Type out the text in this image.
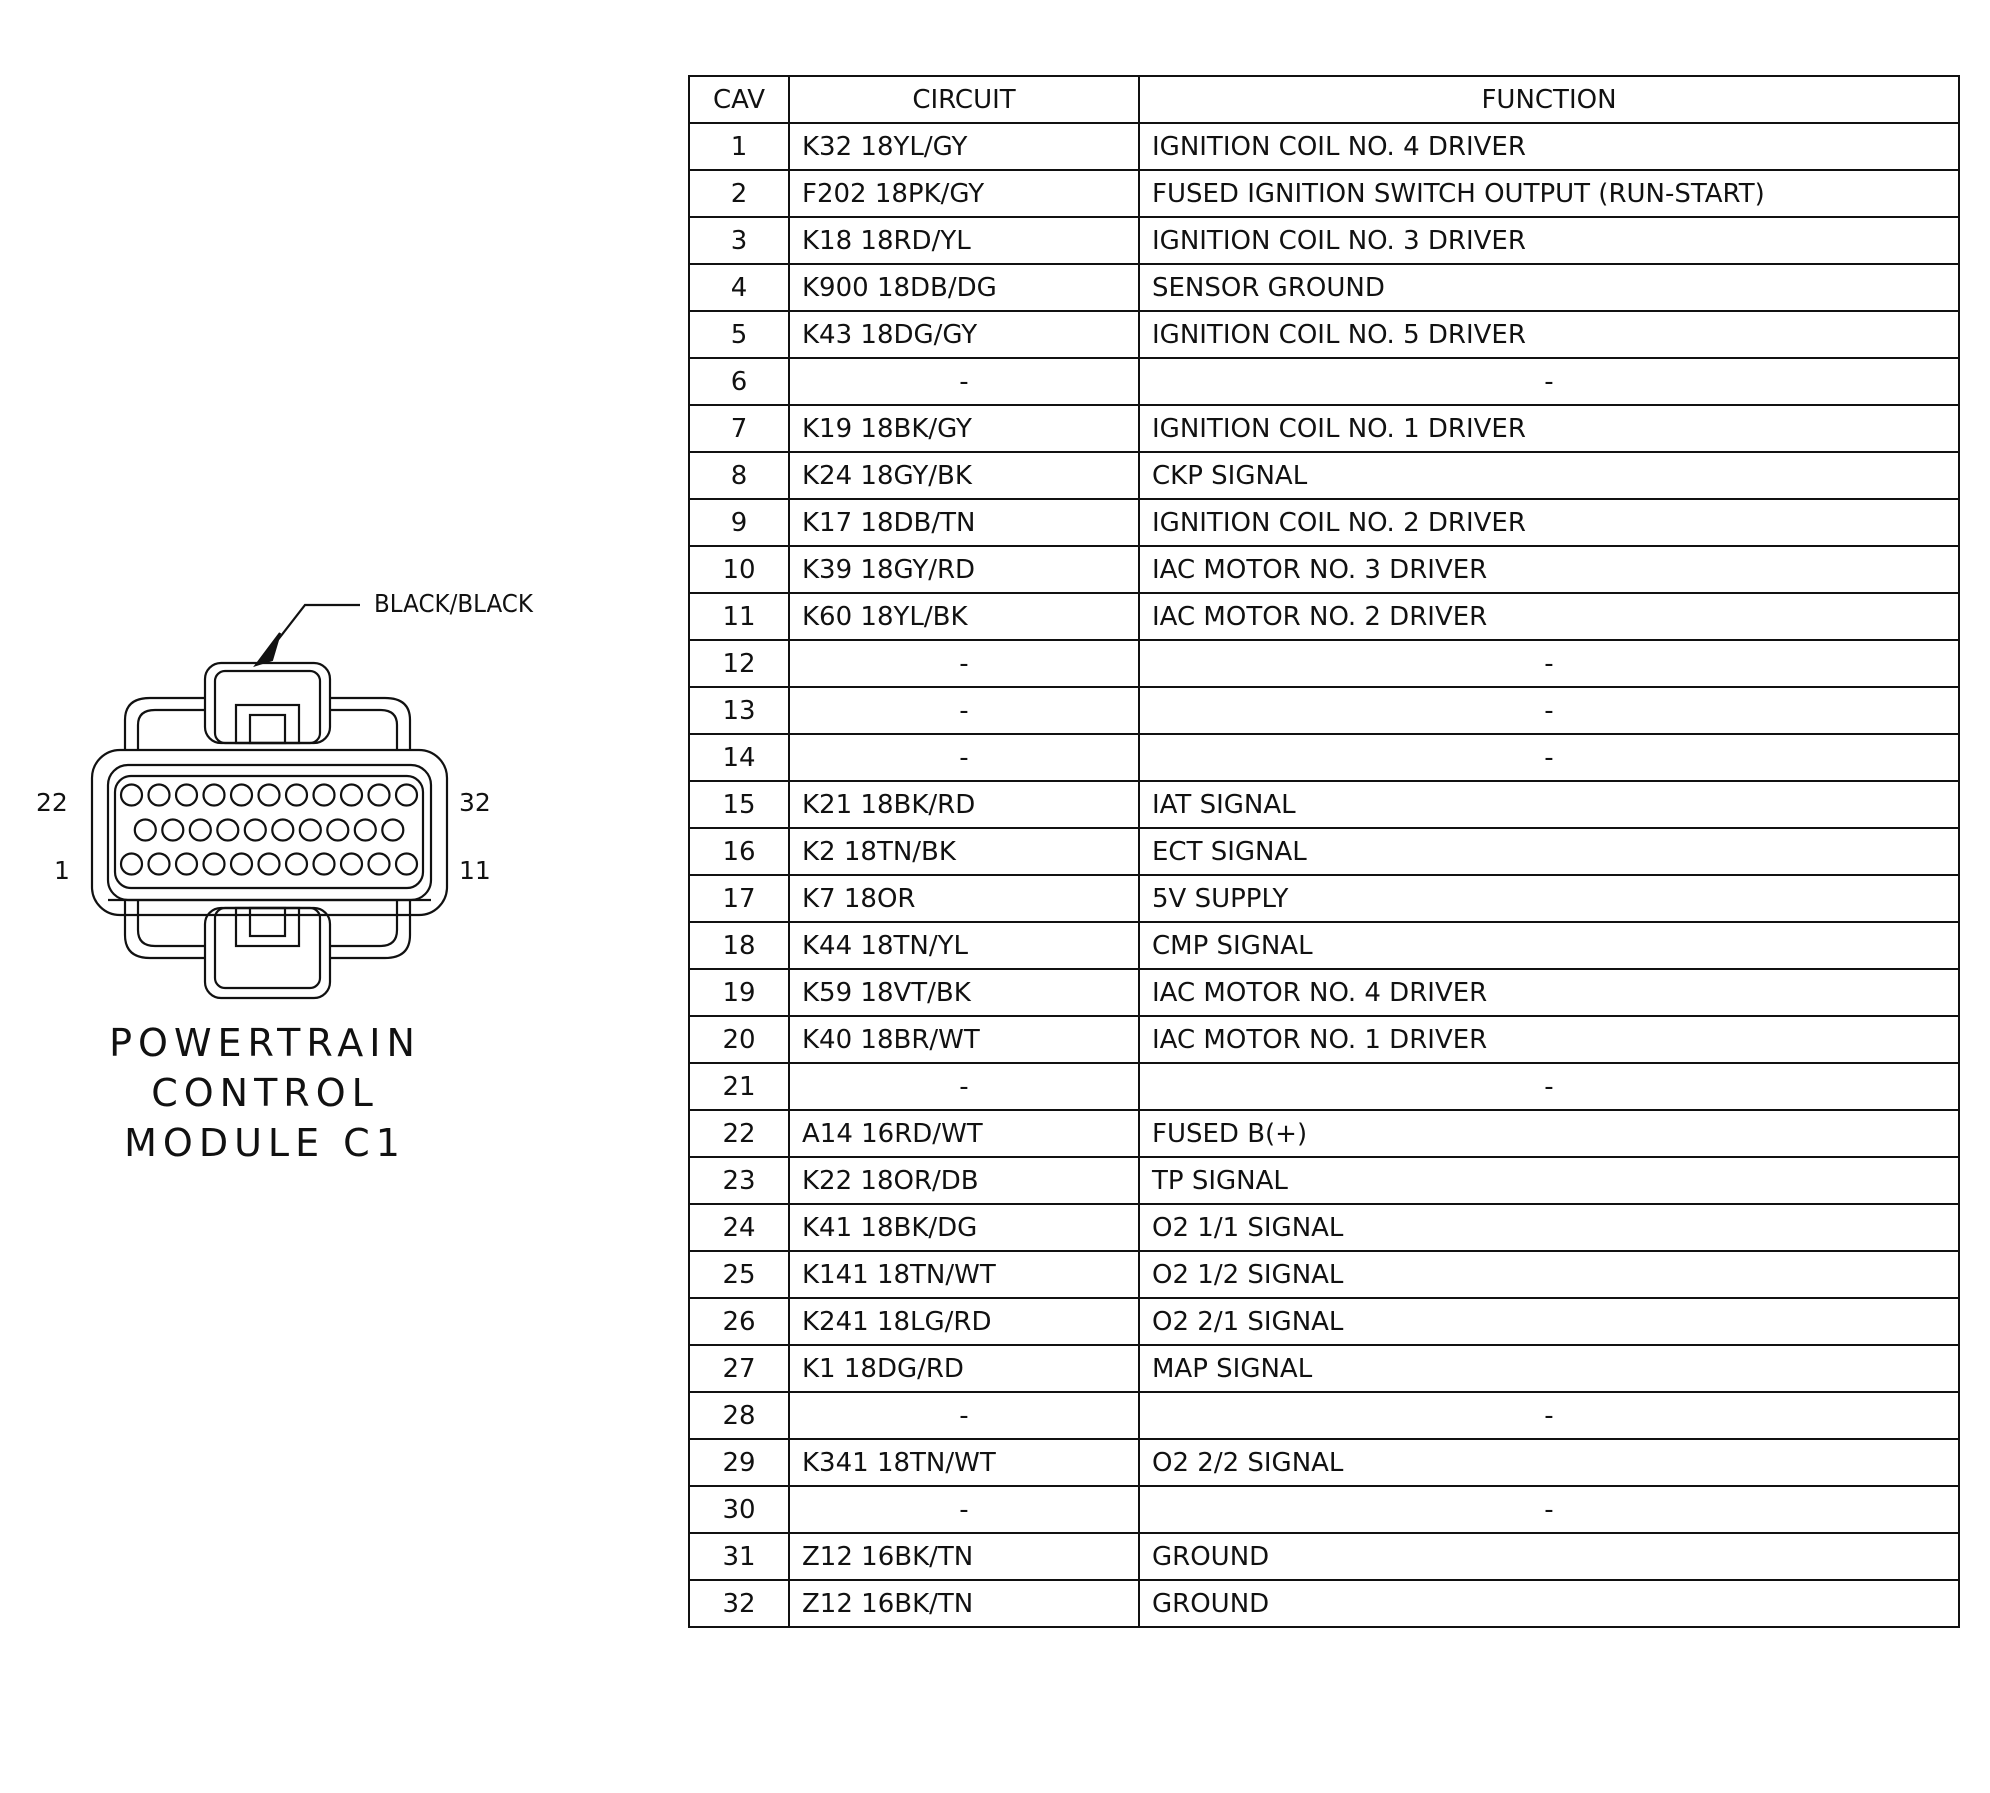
BLACK/BLACK
22
1
32
11
POWERTRAIN
CONTROL
MODULE C1
CAV	CIRCUIT	FUNCTION
1	K32 18YL/GY	IGNITION COIL NO. 4 DRIVER
2	F202 18PK/GY	FUSED IGNITION SWITCH OUTPUT (RUN-START)
3	K18 18RD/YL	IGNITION COIL NO. 3 DRIVER
4	K900 18DB/DG	SENSOR GROUND
5	K43 18DG/GY	IGNITION COIL NO. 5 DRIVER
6	-	-
7	K19 18BK/GY	IGNITION COIL NO. 1 DRIVER
8	K24 18GY/BK	CKP SIGNAL
9	K17 18DB/TN	IGNITION COIL NO. 2 DRIVER
10	K39 18GY/RD	IAC MOTOR NO. 3 DRIVER
11	K60 18YL/BK	IAC MOTOR NO. 2 DRIVER
12	-	-
13	-	-
14	-	-
15	K21 18BK/RD	IAT SIGNAL
16	K2 18TN/BK	ECT SIGNAL
17	K7 18OR	5V SUPPLY
18	K44 18TN/YL	CMP SIGNAL
19	K59 18VT/BK	IAC MOTOR NO. 4 DRIVER
20	K40 18BR/WT	IAC MOTOR NO. 1 DRIVER
21	-	-
22	A14 16RD/WT	FUSED B(+)
23	K22 18OR/DB	TP SIGNAL
24	K41 18BK/DG	O2 1/1 SIGNAL
25	K141 18TN/WT	O2 1/2 SIGNAL
26	K241 18LG/RD	O2 2/1 SIGNAL
27	K1 18DG/RD	MAP SIGNAL
28	-	-
29	K341 18TN/WT	O2 2/2 SIGNAL
30	-	-
31	Z12 16BK/TN	GROUND
32	Z12 16BK/TN	GROUND
